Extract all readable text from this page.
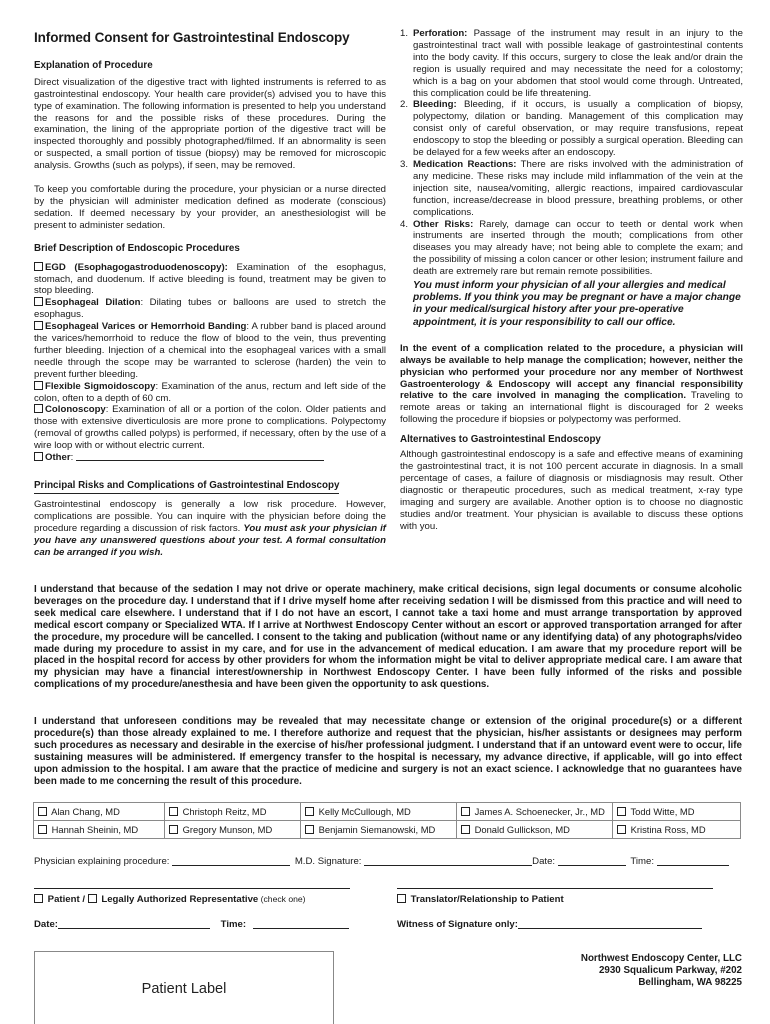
Informed Consent for Gastrointestinal Endoscopy
Explanation of Procedure
Direct visualization of the digestive tract with lighted instruments is referred to as gastrointestinal endoscopy. Your health care provider(s) advised you to have this type of examination. The following information is presented to help you understand the reasons for and the possible risks of these procedures. During the examination, the lining of the appropriate portion of the digestive tract will be inspected thoroughly and possibly photographed/filmed. If an abnormality is seen or suspected, a small portion of tissue (biopsy) may be removed for microscopic analysis. Growths (such as polyps), if seen, may be removed.
To keep you comfortable during the procedure, your physician or a nurse directed by the physician will administer medication defined as moderate (conscious) sedation. If deemed necessary by your provider, an anesthesiologist will be present to administer sedation.
Brief Description of Endoscopic Procedures
EGD (Esophagogastroduodenoscopy): Examination of the esophagus, stomach, and duodenum. If active bleeding is found, treatment may be given to stop bleeding.
Esophageal Dilation: Dilating tubes or balloons are used to stretch the esophagus.
Esophageal Varices or Hemorrhoid Banding: A rubber band is placed around the varices/hemorrhoid to reduce the flow of blood to the vein, thus preventing further bleeding. Injection of a chemical into the esophageal varices with a small needle through the scope may be warranted to sclerose (harden) the vein to prevent further bleeding.
Flexible Sigmoidoscopy: Examination of the anus, rectum and left side of the colon, often to a depth of 60 cm.
Colonoscopy: Examination of all or a portion of the colon. Older patients and those with extensive diverticulosis are more prone to complications. Polypectomy (removal of growths called polyps) is performed, if necessary, often by the use of a wire loop with or without electric current.
Other:
Principal Risks and Complications of Gastrointestinal Endoscopy
Gastrointestinal endoscopy is generally a low risk procedure. However, complications are possible. You can inquire with the physician before doing the procedure regarding a discussion of risk factors. You must ask your physician if you have any unanswered questions about your test. A formal consultation can be arranged if you wish.
1. Perforation: Passage of the instrument may result in an injury to the gastrointestinal tract wall with possible leakage of gastrointestinal contents into the body cavity. If this occurs, surgery to close the leak and/or drain the region is usually required and may necessitate the need for a colostomy; which is a bag on your abdomen that stool would come through. Untreated, this complication could be life threatening.
2. Bleeding: Bleeding, if it occurs, is usually a complication of biopsy, polypectomy, dilation or banding. Management of this complication may consist only of careful observation, or may require transfusions, repeat endoscopy to stop the bleeding or possibly a surgical operation. Bleeding can be delayed for a few weeks after an endoscopy.
3. Medication Reactions: There are risks involved with the administration of any medicine. These risks may include mild inflammation of the vein at the injection site, nausea/vomiting, allergic reactions, impaired cardiovascular function, increase/decrease in blood pressure, breathing problems, or other complications.
4. Other Risks: Rarely, damage can occur to teeth or dental work when instruments are inserted through the mouth; complications from other diseases you may already have; not being able to complete the exam; and the possibility of missing a colon cancer or other lesion; instrument failure and death are extremely rare but remain remote possibilities.
You must inform your physician of all your allergies and medical problems. If you think you may be pregnant or have a major change in your medical/surgical history after your pre-operative appointment, it is your responsibility to call our office.
In the event of a complication related to the procedure, a physician will always be available to help manage the complication; however, neither the physician who performed your procedure nor any member of Northwest Gastroenterology & Endoscopy will accept any financial responsibility relative to the care involved in managing the complication. Traveling to remote areas or taking an international flight is discouraged for 2 weeks following the procedure if biopsies or polypectomy was performed.
Alternatives to Gastrointestinal Endoscopy
Although gastrointestinal endoscopy is a safe and effective means of examining the gastrointestinal tract, it is not 100 percent accurate in diagnosis. In a small percentage of cases, a failure of diagnosis or misdiagnosis may result. Other diagnostic or therapeutic procedures, such as medical treatment, x-ray type imaging and surgery are available. Another option is to choose no diagnostic studies and/or treatment. Your physician is available to discuss these options with you.
I understand that because of the sedation I may not drive or operate machinery, make critical decisions, sign legal documents or consume alcoholic beverages on the procedure day. I understand that if I drive myself home after receiving sedation I will be dismissed from this practice and will need to seek medical care elsewhere. I understand that if I do not have an escort, I cannot take a taxi home and must arrange transportation by approved medical escort company or Specialized WTA. If I arrive at Northwest Endoscopy Center without an escort or approved transportation arranged for after the procedure, my procedure will be cancelled. I consent to the taking and publication (without name or any identifying data) of any photographs/video made during my procedure to assist in my care, and for use in the advancement of medical education. I am aware that my procedure report will be placed in the hospital record for access by other providers for whom the information might be vital to deliver appropriate medical care. I am aware that my physician may have a financial interest/ownership in Northwest Endoscopy Center. I have been fully informed of the risks and possible complications of my procedure/anesthesia and have been given the opportunity to ask questions.
I understand that unforeseen conditions may be revealed that may necessitate change or extension of the original procedure(s) or a different procedure(s) than those already explained to me. I therefore authorize and request that the physician, his/her assistants or designees may perform such procedures as necessary and desirable in the exercise of his/her professional judgment. I understand that if an untoward event were to occur, life sustaining measures will be administered. If emergency transfer to the hospital is necessary, my advance directive, if applicable, will go into effect upon admission to the hospital. I am aware that the practice of medicine and surgery is not an exact science. I acknowledge that no guarantees have been made to me concerning the result of this procedure.
Alan Chang, MD	Christoph Reitz, MD	Kelly McCullough, MD	James A. Schoenecker, Jr., MD	Todd Witte, MD
Hannah Sheinin, MD	Gregory Munson, MD	Benjamin Siemanowski, MD	Donald Gullickson, MD	Kristina Ross, MD
Physician explaining procedure:	M.D. Signature:	Date:	Time:
Patient /  Legally Authorized Representative (check one)	Translator/Relationship to Patient
Date:	Time:	Witness of Signature only:
Patient Label
Northwest Endoscopy Center, LLC
2930 Squalicum Parkway, #202
Bellingham, WA 98225
